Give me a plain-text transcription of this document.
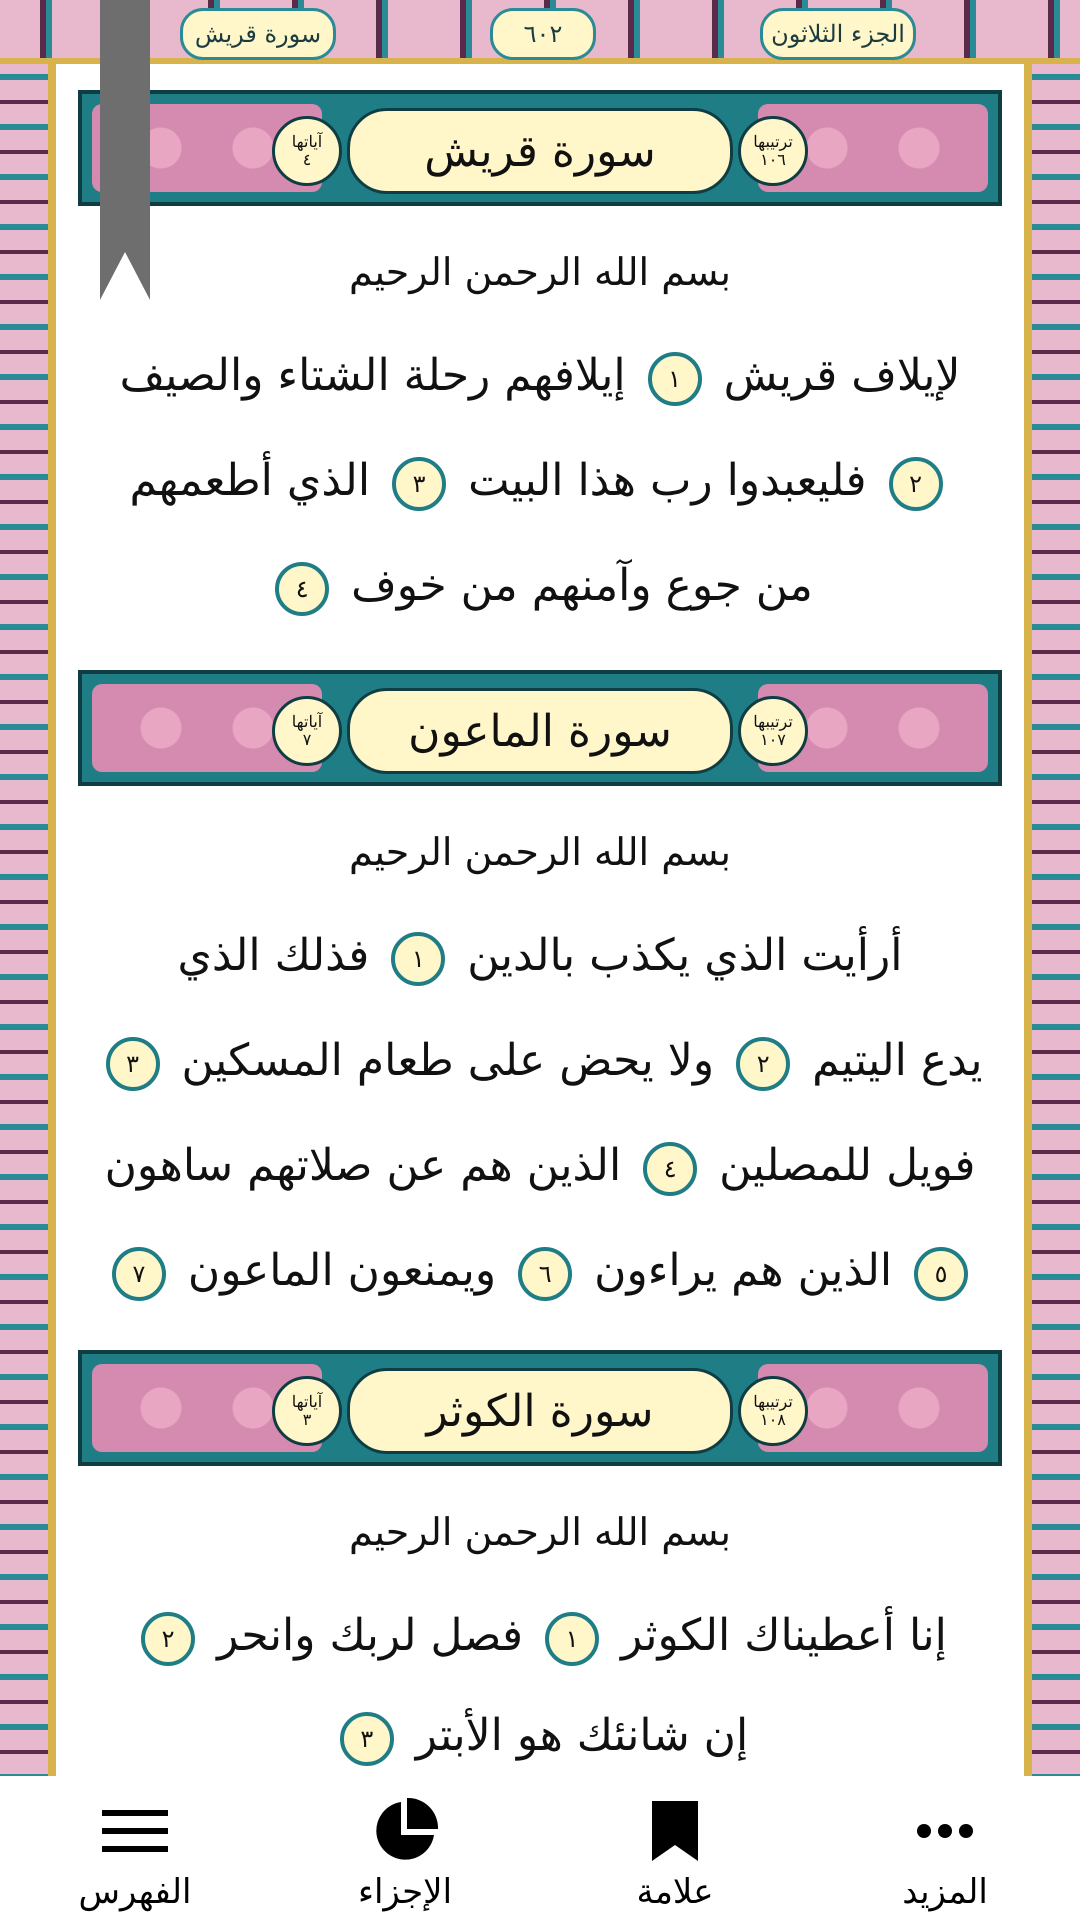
سورة قريش	٦٠٢	الجزء الثلاثون
آياتها
٤	سورة قريش	ترتيبها
١٠٦
بسم الله الرحمن الرحيم
لإيلاف قريش ١ إيلافهم رحلة الشتاء والصيف
٢ فليعبدوا رب هذا البيت ٣ الذي أطعمهم
من جوع وآمنهم من خوف ٤
آياتها
٧	سورة الماعون	ترتيبها
١٠٧
بسم الله الرحمن الرحيم
أرأيت الذي يكذب بالدين ١ فذلك الذي
يدع اليتيم ٢ ولا يحض على طعام المسكين ٣
فويل للمصلين ٤ الذين هم عن صلاتهم ساهون
٥ الذين هم يراءون ٦ ويمنعون الماعون ٧
آياتها
٣	سورة الكوثر	ترتيبها
١٠٨
بسم الله الرحمن الرحيم
إنا أعطيناك الكوثر ١ فصل لربك وانحر ٢
إن شانئك هو الأبتر ٣
الفهرس	الإجزاء	علامة	المزيد
